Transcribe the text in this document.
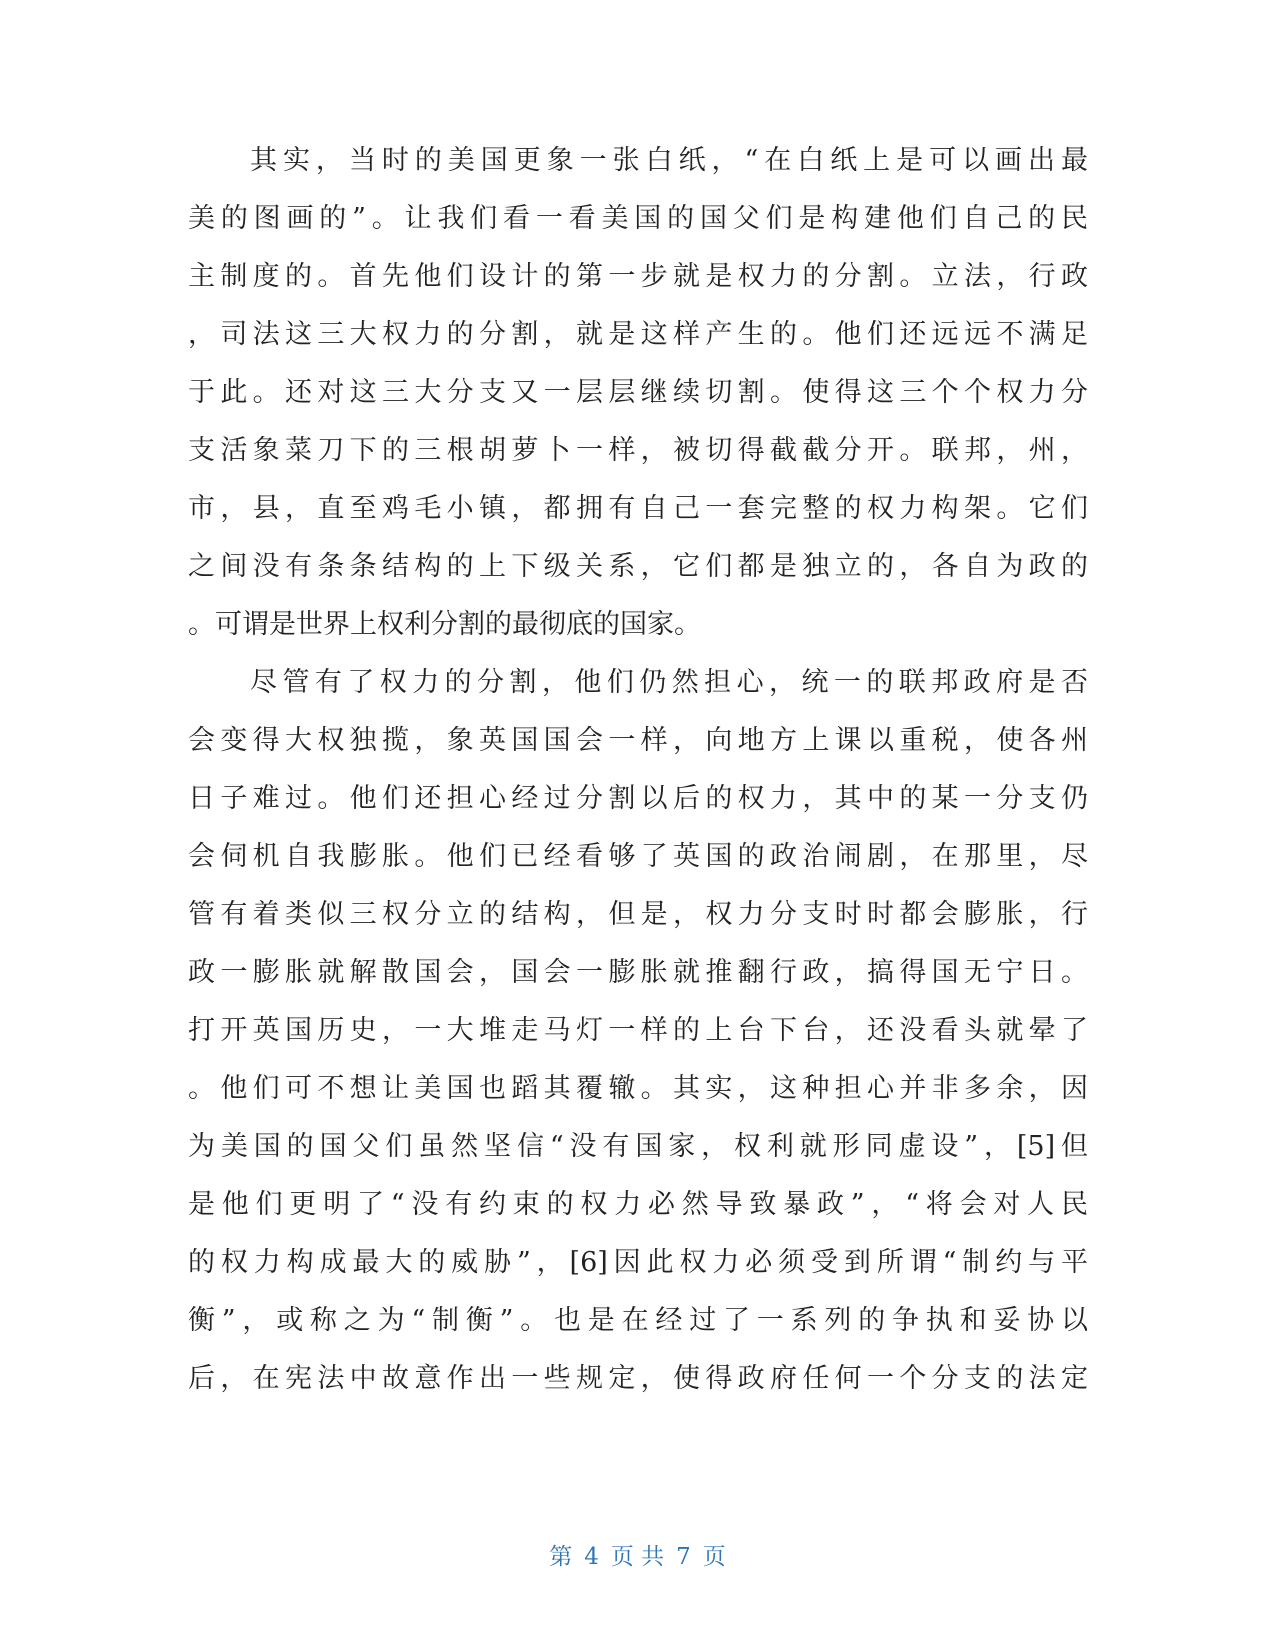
其实，当时的美国更象一张白纸，“在白纸上是可以画出最
美的图画的”。让我们看一看美国的国父们是构建他们自己的民
主制度的。首先他们设计的第一步就是权力的分割。立法，行政
，司法这三大权力的分割，就是这样产生的。他们还远远不满足
于此。还对这三大分支又一层层继续切割。使得这三个个权力分
支活象菜刀下的三根胡萝卜一样，被切得截截分开。联邦，州，
市，县，直至鸡毛小镇，都拥有自己一套完整的权力构架。它们
之间没有条条结构的上下级关系，它们都是独立的，各自为政的
。可谓是世界上权利分割的最彻底的国家。
尽管有了权力的分割，他们仍然担心，统一的联邦政府是否
会变得大权独揽，象英国国会一样，向地方上课以重税，使各州
日子难过。他们还担心经过分割以后的权力，其中的某一分支仍
会伺机自我膨胀。他们已经看够了英国的政治闹剧，在那里，尽
管有着类似三权分立的结构，但是，权力分支时时都会膨胀，行
政一膨胀就解散国会，国会一膨胀就推翻行政，搞得国无宁日。
打开英国历史，一大堆走马灯一样的上台下台，还没看头就晕了
。他们可不想让美国也蹈其覆辙。其实，这种担心并非多余，因
为美国的国父们虽然坚信“没有国家，权利就形同虚设”，[5]但
是他们更明了“没有约束的权力必然导致暴政”，“将会对人民
的权力构成最大的威胁”，[6]因此权力必须受到所谓“制约与平
衡”，或称之为“制衡”。也是在经过了一系列的争执和妥协以
后，在宪法中故意作出一些规定，使得政府任何一个分支的法定
第 4 页 共 7 页
